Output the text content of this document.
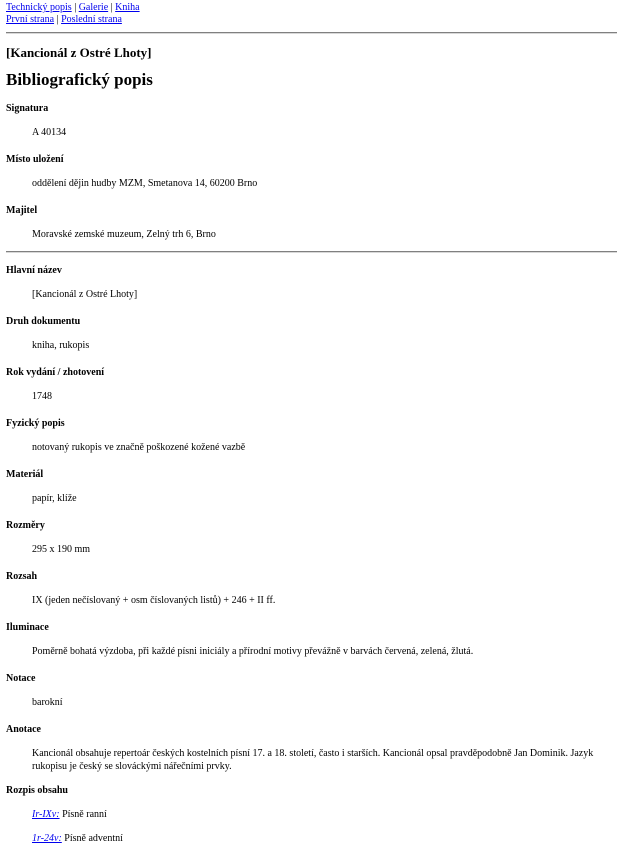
Technický popis | Galerie | Kniha
První strana | Poslední strana
[Kancionál z Ostré Lhoty]
Bibliografický popis
Signatura
A 40134
Místo uložení
oddělení dějin hudby MZM, Smetanova 14, 60200 Brno
Majitel
Moravské zemské muzeum, Zelný trh 6, Brno
Hlavní název
[Kancionál z Ostré Lhoty]
Druh dokumentu
kniha, rukopis
Rok vydání / zhotovení
1748
Fyzický popis
notovaný rukopis ve značně poškozené kožené vazbě
Materiál
papír, klíže
Rozměry
295 x 190 mm
Rozsah
IX (jeden nečíslovaný + osm číslovaných listů) + 246 + II ff.
Iluminace
Poměrně bohatá výzdoba, při každé písni iniciály a přírodní motivy převážně v barvách červená, zelená, žlutá.
Notace
barokní
Anotace
Kancionál obsahuje repertoár českých kostelních písní 17. a 18. století, často i starších. Kancionál opsal pravděpodobně Jan Dominik. Jazyk rukopisu je český se slováckými nářečními prvky.
Rozpis obsahu
Ir-IXv: Písně ranní
1r-24v: Písně adventní
